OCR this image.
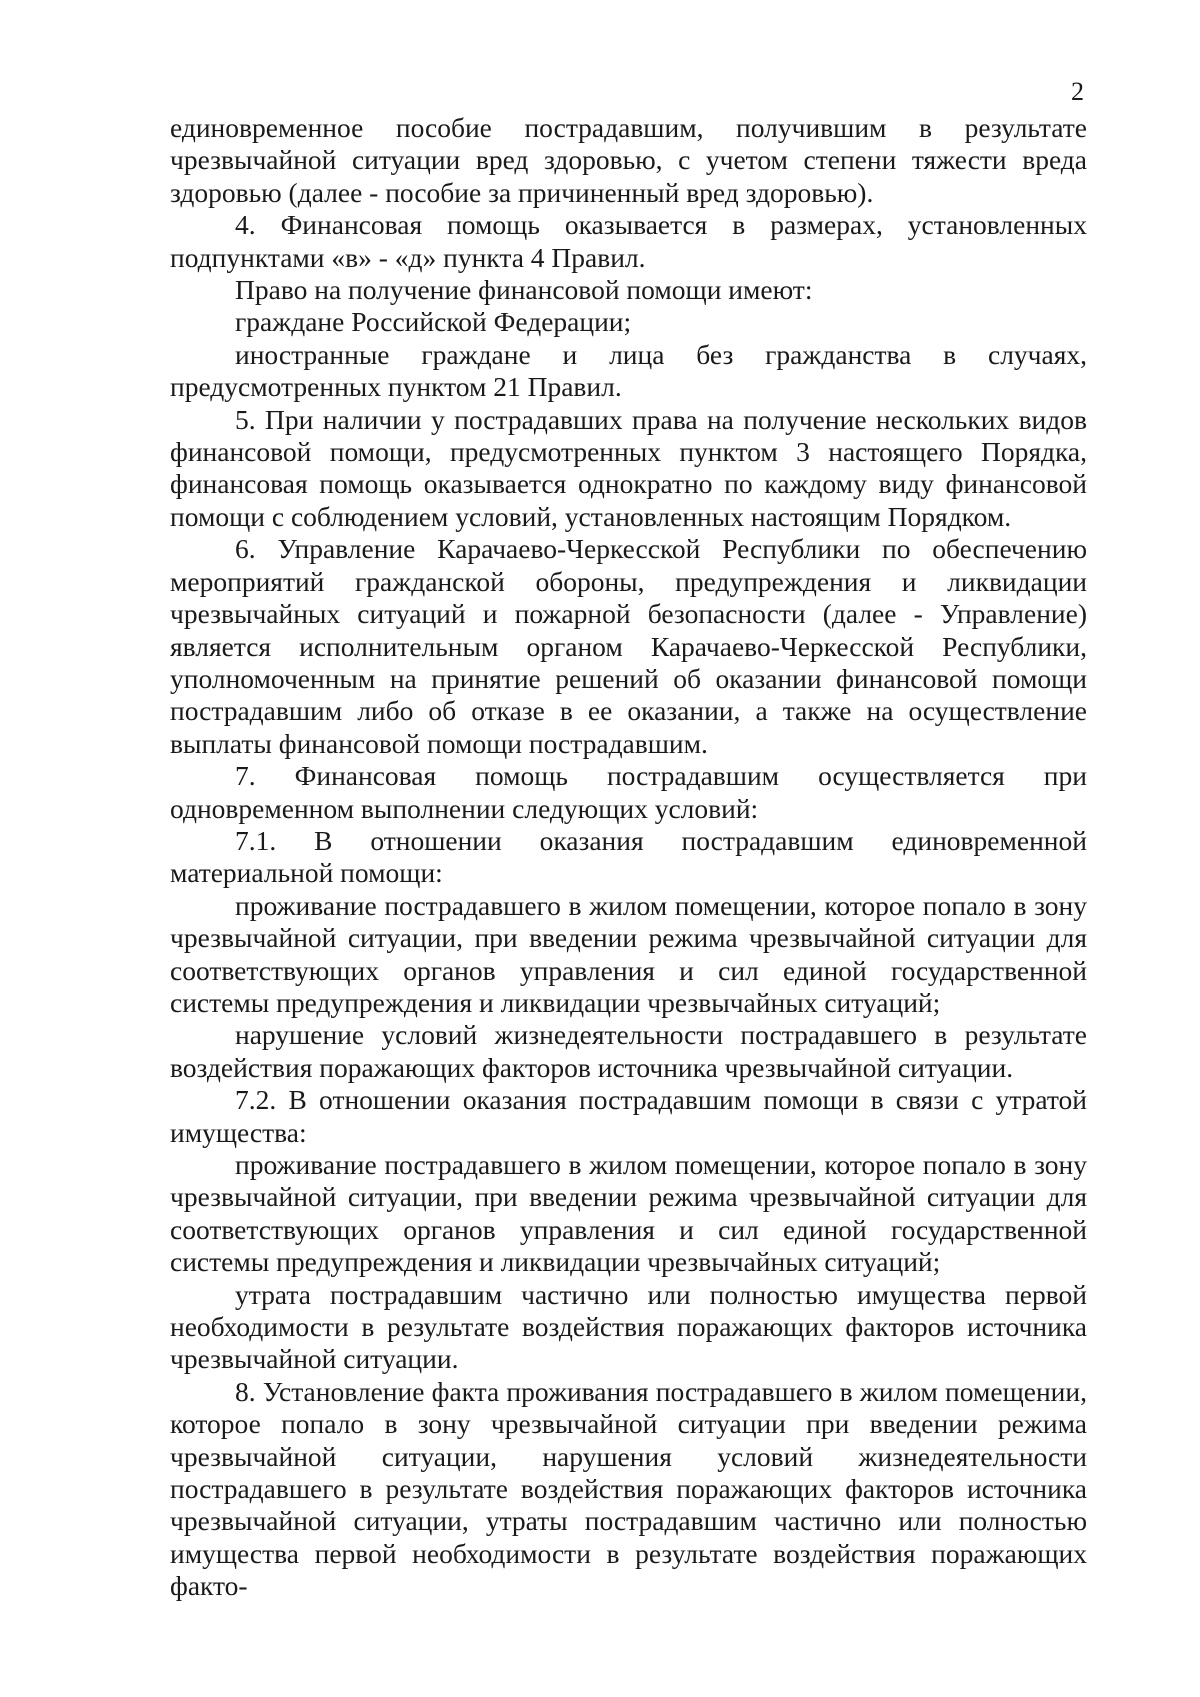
2

единовременное пособие пострадавшим, получившим в результате чрезвычайной ситуации вред здоровью, с учетом степени тяжести вреда здоровью (далее - пособие за причиненный вред здоровью).

4. Финансовая помощь оказывается в размерах, установленных подпунктами «в» - «д» пункта 4 Правил.

Право на получение финансовой помощи имеют:

граждане Российской Федерации;

иностранные граждане и лица без гражданства в случаях, предусмотренных пунктом 21 Правил.

5. При наличии у пострадавших права на получение нескольких видов финансовой помощи, предусмотренных пунктом 3 настоящего Порядка, финансовая помощь оказывается однократно по каждому виду финансовой помощи с соблюдением условий, установленных настоящим Порядком.

6. Управление Карачаево-Черкесской Республики по обеспечению мероприятий гражданской обороны, предупреждения и ликвидации чрезвычайных ситуаций и пожарной безопасности (далее - Управление) является исполнительным органом Карачаево-Черкесской Республики, уполномоченным на принятие решений об оказании финансовой помощи пострадавшим либо об отказе в ее оказании, а также на осуществление выплаты финансовой помощи пострадавшим.

7. Финансовая помощь пострадавшим осуществляется при одновременном выполнении следующих условий:

7.1. В отношении оказания пострадавшим единовременной материальной помощи:

проживание пострадавшего в жилом помещении, которое попало в зону чрезвычайной ситуации, при введении режима чрезвычайной ситуации для соответствующих органов управления и сил единой государственной системы предупреждения и ликвидации чрезвычайных ситуаций;

нарушение условий жизнедеятельности пострадавшего в результате воздействия поражающих факторов источника чрезвычайной ситуации.

7.2. В отношении оказания пострадавшим помощи в связи с утратой имущества:

проживание пострадавшего в жилом помещении, которое попало в зону чрезвычайной ситуации, при введении режима чрезвычайной ситуации для соответствующих органов управления и сил единой государственной системы предупреждения и ликвидации чрезвычайных ситуаций;

утрата пострадавшим частично или полностью имущества первой необходимости в результате воздействия поражающих факторов источника чрезвычайной ситуации.

8. Установление факта проживания пострадавшего в жилом помещении, которое попало в зону чрезвычайной ситуации при введении режима чрезвычайной ситуации, нарушения условий жизнедеятельности пострадавшего в результате воздействия поражающих факторов источника чрезвычайной ситуации, утраты пострадавшим частично или полностью имущества первой необходимости в результате воздействия поражающих факто-
